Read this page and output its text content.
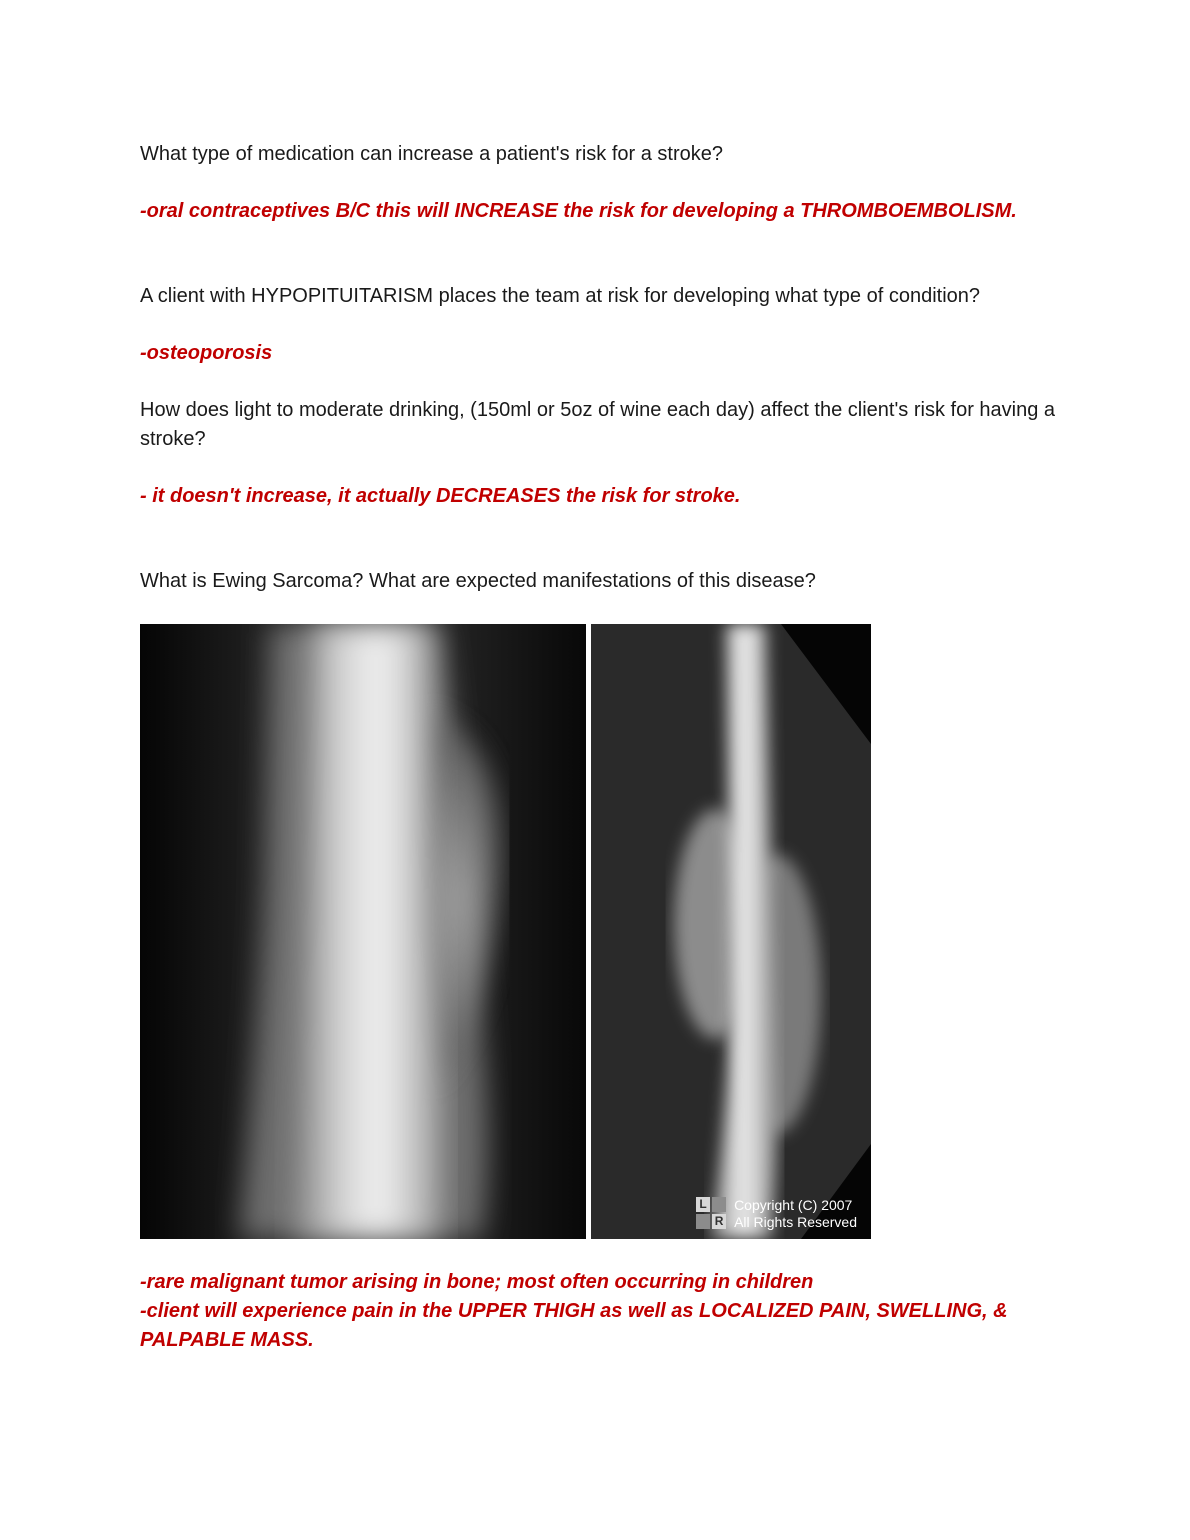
What type of medication can increase a patient's risk for a stroke?

-oral contraceptives B/C this will INCREASE the risk for developing a THROMBOEMBOLISM.

A client with HYPOPITUITARISM places the team at risk for developing what type of condition?

-osteoporosis

How does light to moderate drinking, (150ml or 5oz of wine each day) affect the client's risk for having a stroke?

- it doesn't increase, it actually DECREASES the risk for stroke.

What is Ewing Sarcoma? What are expected manifestations of this disease?

L
R
Copyright (C) 2007
All Rights Reserved
-rare malignant tumor arising in bone; most often occurring in children
-client will experience pain in the UPPER THIGH as well as LOCALIZED PAIN, SWELLING, & PALPABLE MASS.
